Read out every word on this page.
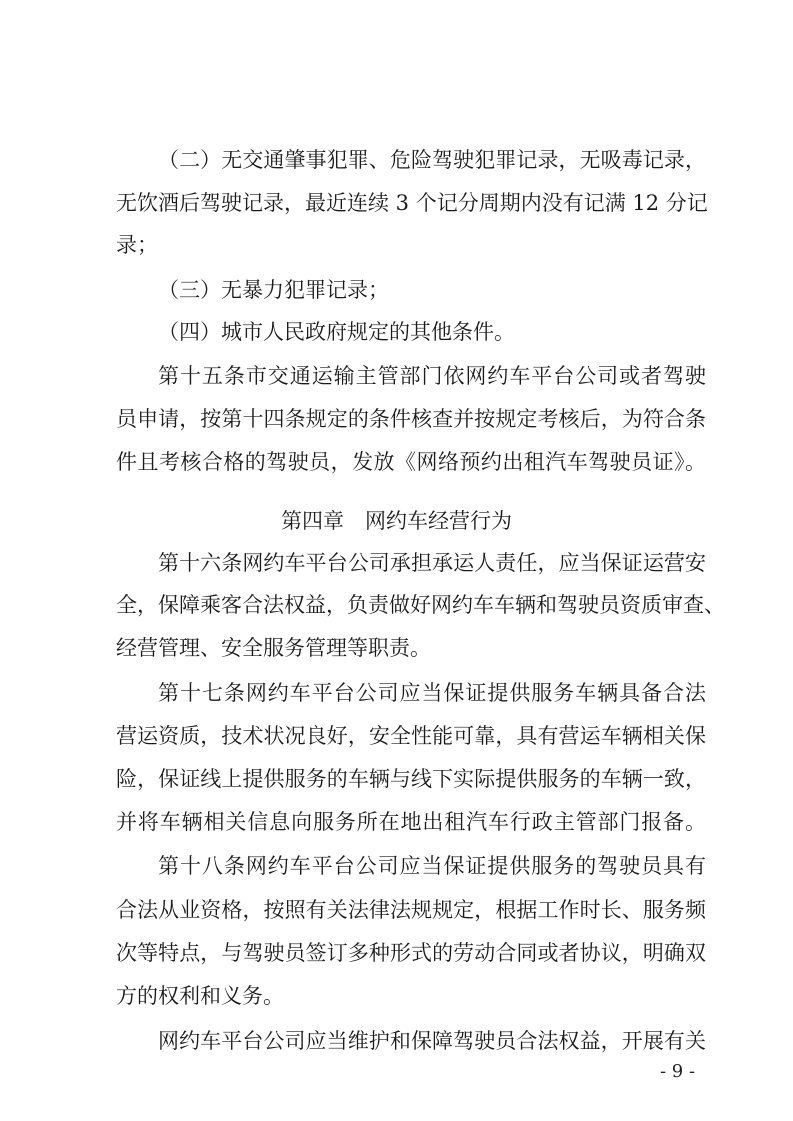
（二）无交通肇事犯罪、危险驾驶犯罪记录，无吸毒记录，
无饮酒后驾驶记录，最近连续 3 个记分周期内没有记满 12 分记
录；
（三）无暴力犯罪记录；
（四）城市人民政府规定的其他条件。
第十五条市交通运输主管部门依网约车平台公司或者驾驶
员申请，按第十四条规定的条件核查并按规定考核后，为符合条
件且考核合格的驾驶员，发放《网络预约出租汽车驾驶员证》。
第四章　网约车经营行为
第十六条网约车平台公司承担承运人责任，应当保证运营安
全，保障乘客合法权益，负责做好网约车车辆和驾驶员资质审查、
经营管理、安全服务管理等职责。
第十七条网约车平台公司应当保证提供服务车辆具备合法
营运资质，技术状况良好，安全性能可靠，具有营运车辆相关保
险，保证线上提供服务的车辆与线下实际提供服务的车辆一致，
并将车辆相关信息向服务所在地出租汽车行政主管部门报备。
第十八条网约车平台公司应当保证提供服务的驾驶员具有
合法从业资格，按照有关法律法规规定，根据工作时长、服务频
次等特点，与驾驶员签订多种形式的劳动合同或者协议，明确双
方的权利和义务。
网约车平台公司应当维护和保障驾驶员合法权益，开展有关
- 9 -
